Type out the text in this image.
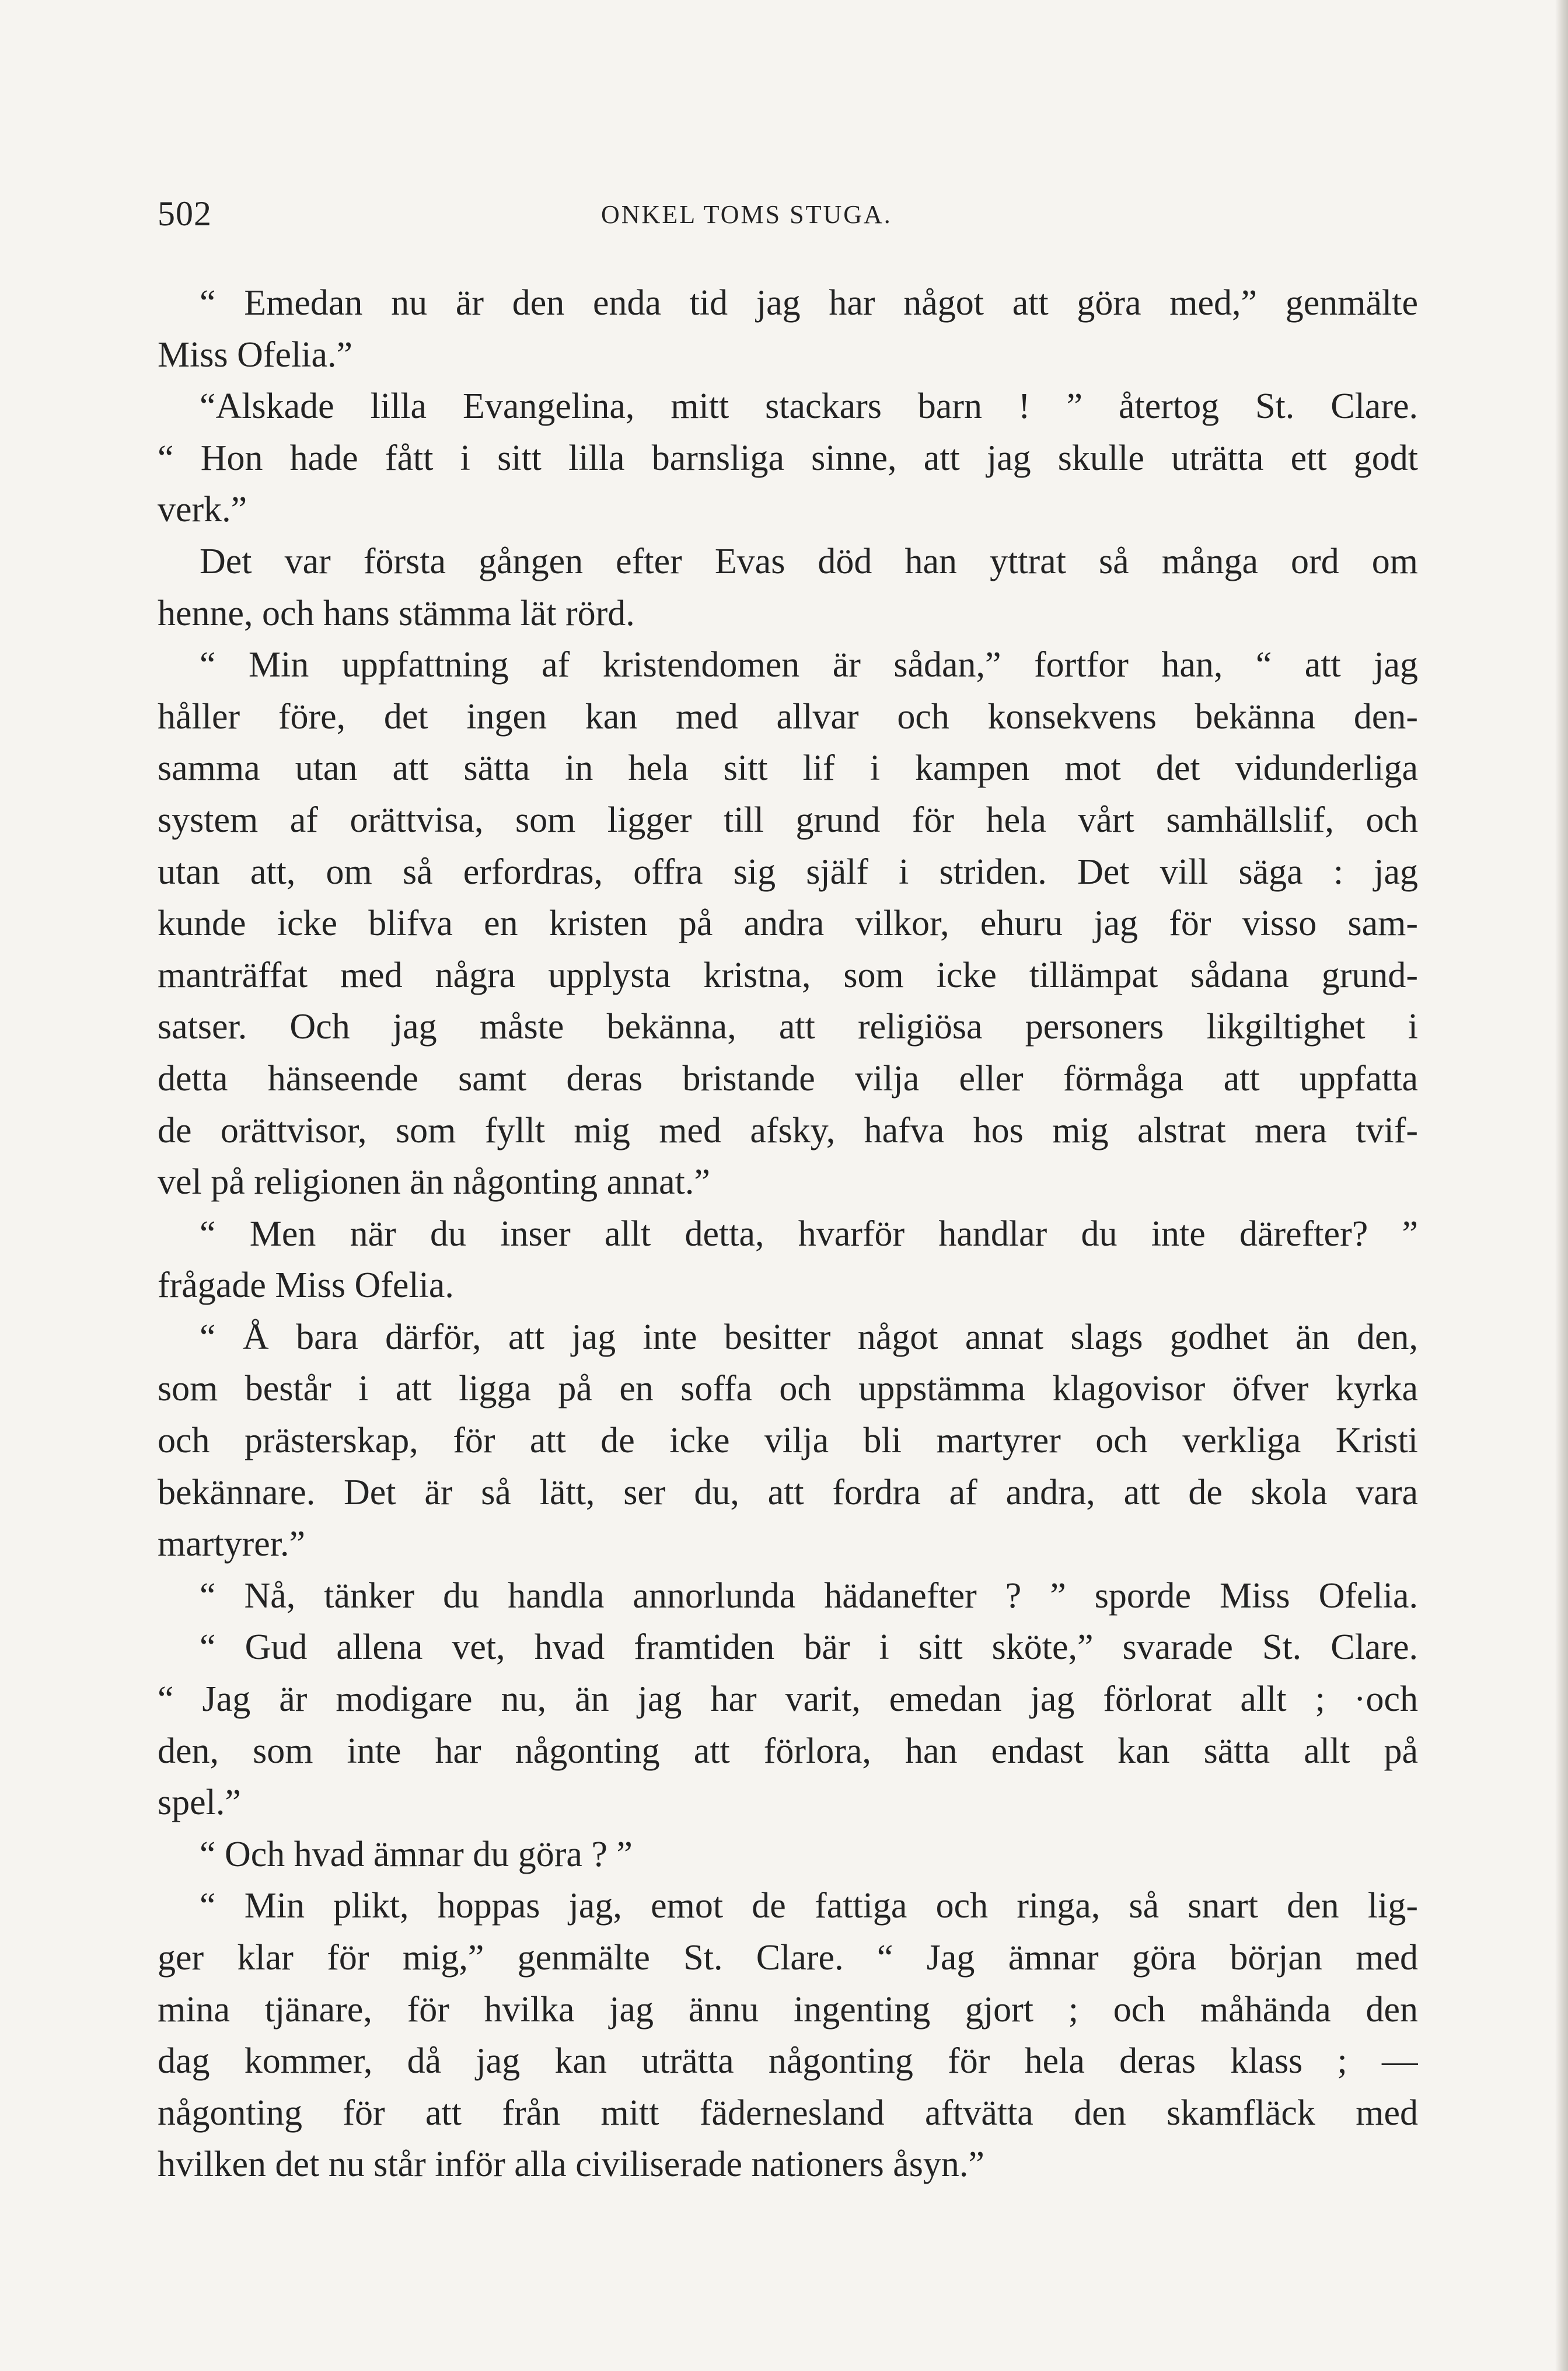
502	ONKEL TOMS STUGA.
“ Emedan nu är den enda tid jag har något att göra med,” genmälte
Miss Ofelia.”
“Alskade lilla Evangelina, mitt stackars barn ! ” återtog St. Clare.
“ Hon hade fått i sitt lilla barnsliga sinne, att jag skulle uträtta ett godt
verk.”
Det var första gången efter Evas död han yttrat så många ord om
henne, och hans stämma lät rörd.
“ Min uppfattning af kristendomen är sådan,” fortfor han, “ att jag
håller före, det ingen kan med allvar och konsekvens bekänna den-
samma utan att sätta in hela sitt lif i kampen mot det vidunderliga
system af orättvisa, som ligger till grund för hela vårt samhällslif, och
utan att, om så erfordras, offra sig själf i striden. Det vill säga : jag
kunde icke blifva en kristen på andra vilkor, ehuru jag för visso sam-
manträffat med några upplysta kristna, som icke tillämpat sådana grund-
satser. Och jag måste bekänna, att religiösa personers likgiltighet i
detta hänseende samt deras bristande vilja eller förmåga att uppfatta
de orättvisor, som fyllt mig med afsky, hafva hos mig alstrat mera tvif-
vel på religionen än någonting annat.”
“ Men när du inser allt detta, hvarför handlar du inte därefter? ”
frågade Miss Ofelia.
“ Å bara därför, att jag inte besitter något annat slags godhet än den,
som består i att ligga på en soffa och uppstämma klagovisor öfver kyrka
och prästerskap, för att de icke vilja bli martyrer och verkliga Kristi
bekännare. Det är så lätt, ser du, att fordra af andra, att de skola vara
martyrer.”
“ Nå, tänker du handla annorlunda hädanefter ? ” sporde Miss Ofelia.
“ Gud allena vet, hvad framtiden bär i sitt sköte,” svarade St. Clare.
“ Jag är modigare nu, än jag har varit, emedan jag förlorat allt ; ·och
den, som inte har någonting att förlora, han endast kan sätta allt på
spel.”
“ Och hvad ämnar du göra ? ”
“ Min plikt, hoppas jag, emot de fattiga och ringa, så snart den lig-
ger klar för mig,” genmälte St. Clare. “ Jag ämnar göra början med
mina tjänare, för hvilka jag ännu ingenting gjort ; och måhända den
dag kommer, då jag kan uträtta någonting för hela deras klass ; —
någonting för att från mitt fädernesland aftvätta den skamfläck med
hvilken det nu står inför alla civiliserade nationers åsyn.”
